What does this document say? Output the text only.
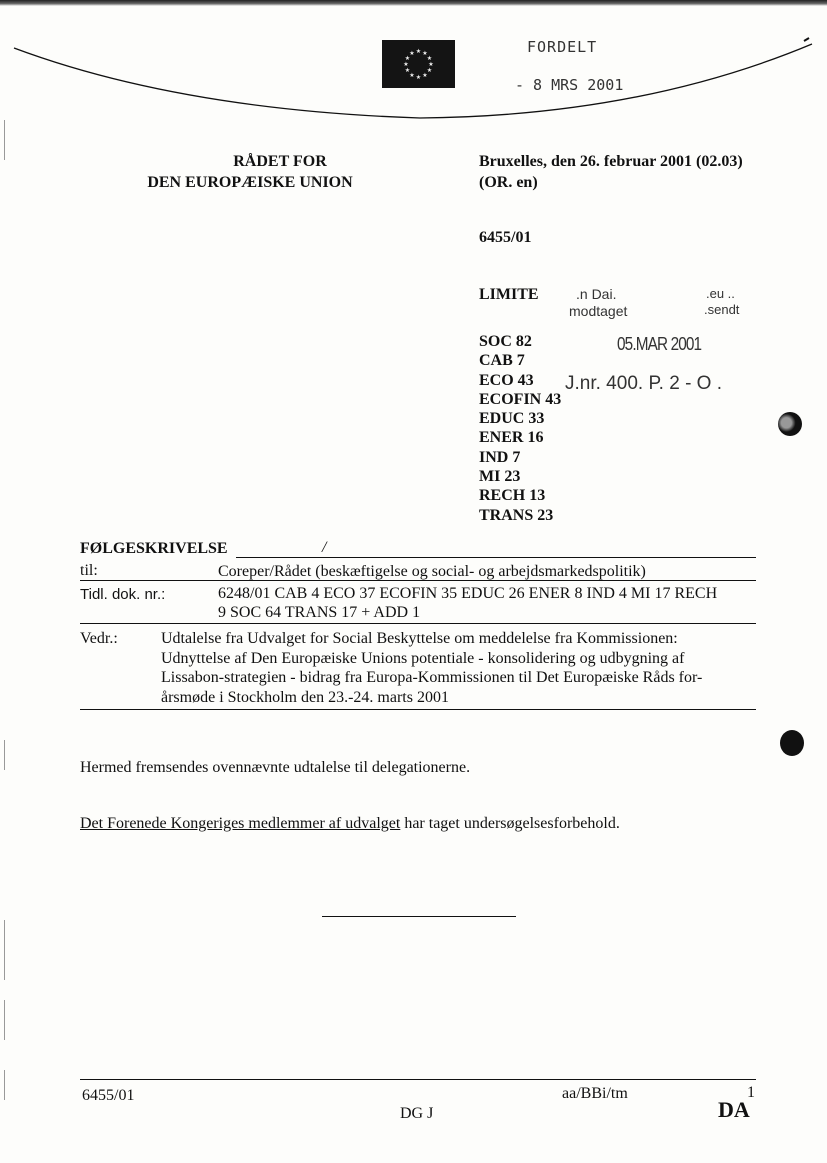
★ ★
★
★
★
★
★
★
★
★
★
★	FORDELT
- 8 MRS 2001
RÅDET FOR
DEN EUROPÆISKE UNION
Bruxelles, den 26. februar 2001 (02.03)
(OR. en)
6455/01
LIMITE	.n Dai.	.eu ..
modtaget	.sendt
05.MAR 2001
J.nr. 400. P. 2 - O .
SOC 82
CAB 7
ECO 43
ECOFIN 43
EDUC 33
ENER 16
IND 7
MI 23
RECH 13
TRANS 23
FØLGESKRIVELSE	/
til:	Coreper/Rådet (beskæftigelse og social- og arbejdsmarkedspolitik)
Tidl. dok. nr.:	6248/01 CAB 4 ECO 37 ECOFIN 35 EDUC 26 ENER 8 IND 4 MI 17 RECH
9 SOC 64 TRANS 17 + ADD 1
Vedr.:	Udtalelse fra Udvalget for Social Beskyttelse om meddelelse fra Kommissionen:
Udnyttelse af Den Europæiske Unions potentiale - konsolidering og udbygning af
Lissabon-strategien - bidrag fra Europa-Kommissionen til Det Europæiske Råds for-
årsmøde i Stockholm den 23.-24. marts 2001
Hermed fremsendes ovennævnte udtalelse til delegationerne.
Det Forenede Kongeriges medlemmer af udvalget har taget undersøgelsesforbehold.
6455/01	aa/BBi/tm	1
DG J	DA
